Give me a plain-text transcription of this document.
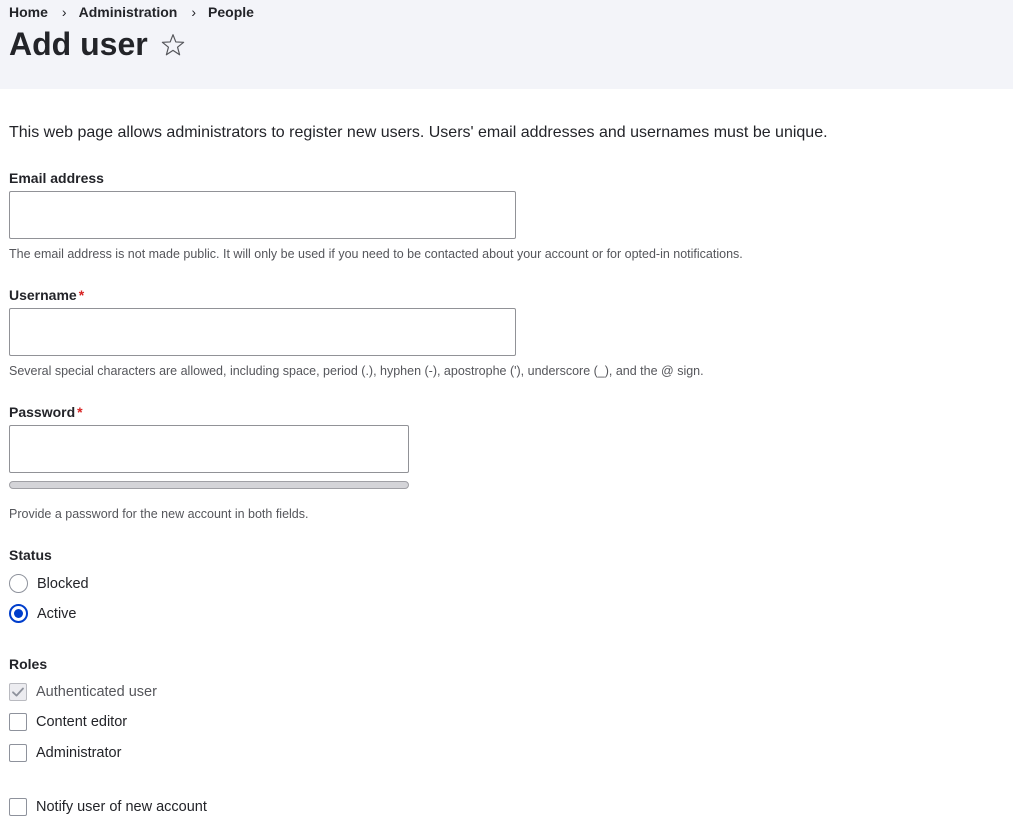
Home › Administration › People
Add user

This web page allows administrators to register new users. Users' email addresses and usernames must be unique.

Email address
The email address is not made public. It will only be used if you need to be contacted about your account or for opted-in notifications.
Username *
Several special characters are allowed, including space, period (.), hyphen (-), apostrophe ('), underscore (_), and the @ sign.
Password *
Provide a password for the new account in both fields.
Status
Blocked
Active
Roles
Authenticated user
Content editor
Administrator
Notify user of new account
